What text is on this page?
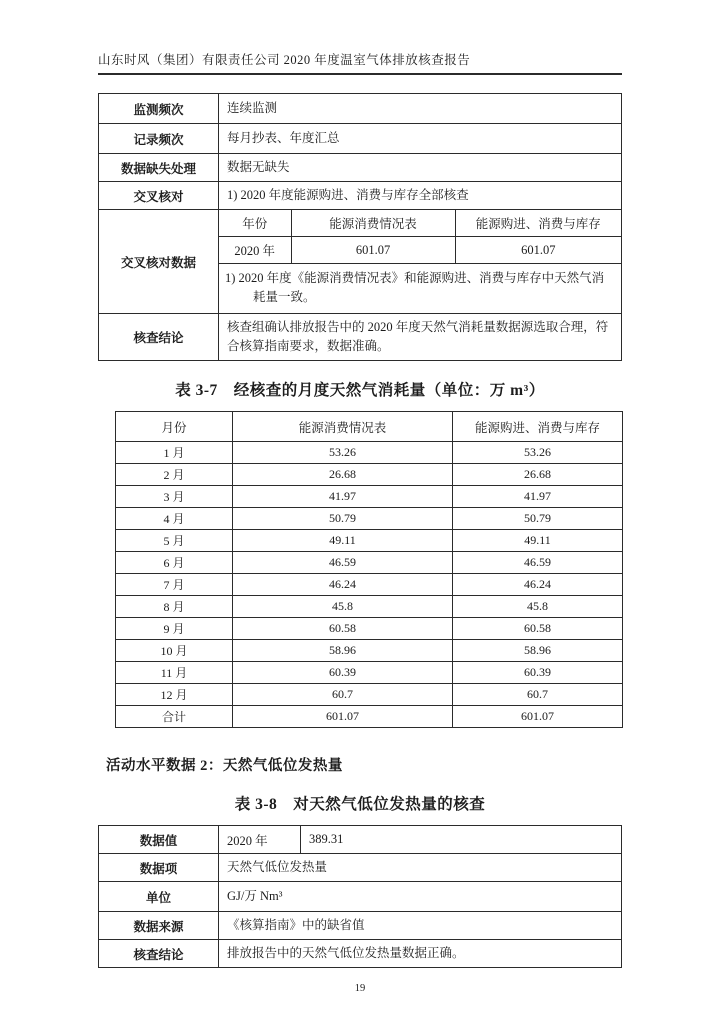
山东时风（集团）有限责任公司 2020 年度温室气体排放核查报告
监测频次	连续监测
记录频次	每月抄表、年度汇总
数据缺失处理	数据无缺失
交叉核对	1) 2020 年度能源购进、消费与库存全部核查
交叉核对数据	
年份	能源消费情况表	能源购进、消费与库存
2020 年	601.07	601.07
1) 2020 年度《能源消费情况表》和能源购进、消费与库存中天然气消耗量一致。

核查结论	核查组确认排放报告中的 2020 年度天然气消耗量数据源选取合理，符合核算指南要求，数据准确。
表 3-7　经核查的月度天然气消耗量（单位：万 m³）
月份	能源消费情况表	能源购进、消费与库存
1 月	53.26	53.26
2 月	26.68	26.68
3 月	41.97	41.97
4 月	50.79	50.79
5 月	49.11	49.11
6 月	46.59	46.59
7 月	46.24	46.24
8 月	45.8	45.8
9 月	60.58	60.58
10 月	58.96	58.96
11 月	60.39	60.39
12 月	60.7	60.7
合计	601.07	601.07
活动水平数据 2：天然气低位发热量
表 3-8　对天然气低位发热量的核查
数据值	2020 年	389.31
数据项	天然气低位发热量	
单位	GJ/万 Nm³	
数据来源	《核算指南》中的缺省值	
核查结论	排放报告中的天然气低位发热量数据正确。	
19
